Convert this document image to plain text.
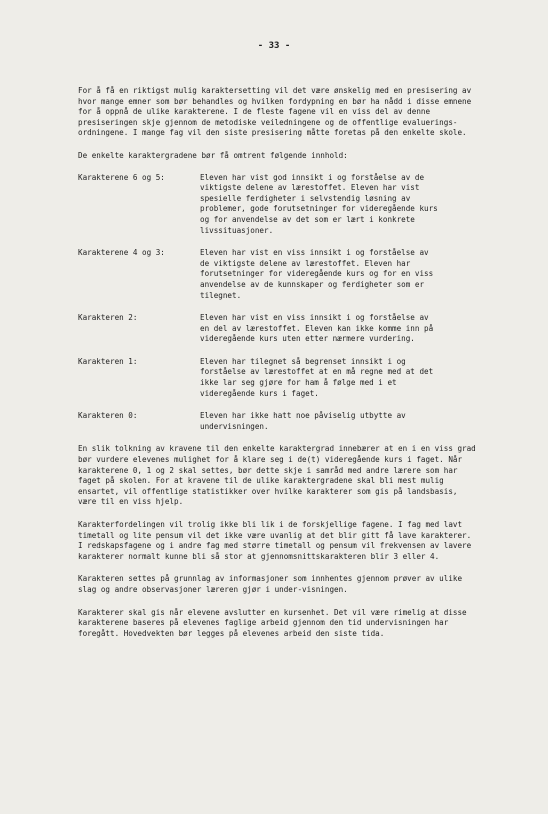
- 33 -

For å få en riktigst mulig karaktersetting vil det være ønskelig med en presisering av hvor mange emner som bør behandles og hvilken fordypning en bør ha nådd i disse emnene for å oppnå de ulike karakterene. I de fleste fagene vil en viss del av denne presiseringen skje gjennom de metodiske veiledningene og de offentlige evaluerings-ordningene. I mange fag vil den siste presisering måtte foretas på den enkelte skole.

De enkelte karaktergradene bør få omtrent følgende innhold:

Karakterene 6 og 5:	Eleven har vist god innsikt i og forståelse av de viktigste delene av lærestoffet. Eleven har vist spesielle ferdigheter i selvstendig løsning av problemer, gode forutsetninger for videregående kurs og for anvendelse av det som er lært i konkrete livssituasjoner.
Karakterene 4 og 3:	Eleven har vist en viss innsikt i og forståelse av de viktigste delene av lærestoffet. Eleven har forutsetninger for videregående kurs og for en viss anvendelse av de kunnskaper og ferdigheter som er tilegnet.
Karakteren 2:	Eleven har vist en viss innsikt i og forståelse av en del av lærestoffet. Eleven kan ikke komme inn på videregående kurs uten etter nærmere vurdering.
Karakteren 1:	Eleven har tilegnet så begrenset innsikt i og forståelse av lærestoffet at en må regne med at det ikke lar seg gjøre for ham å følge med i et videregående kurs i faget.
Karakteren 0:	Eleven har ikke hatt noe påviselig utbytte av undervisningen.

En slik tolkning av kravene til den enkelte karaktergrad innebærer at en i en viss grad bør vurdere elevenes mulighet for å klare seg i de(t) videregående kurs i faget. Når karakterene 0, 1 og 2 skal settes, bør dette skje i samråd med andre lærere som har faget på skolen. For at kravene til de ulike karaktergradene skal bli mest mulig ensartet, vil offentlige statistikker over hvilke karakterer som gis på landsbasis, være til en viss hjelp.

Karakterfordelingen vil trolig ikke bli lik i de forskjellige fagene. I fag med lavt timetall og lite pensum vil det ikke være uvanlig at det blir gitt få lave karakterer. I redskapsfagene og i andre fag med større timetall og pensum vil frekvensen av lavere karakterer normalt kunne bli så stor at gjennomsnittskarakteren blir 3 eller 4.

Karakteren settes på grunnlag av informasjoner som innhentes gjennom prøver av ulike slag og andre observasjoner læreren gjør i under-visningen.

Karakterer skal gis når elevene avslutter en kursenhet. Det vil være rimelig at disse karakterene baseres på elevenes faglige arbeid gjennom den tid undervisningen har foregått. Hovedvekten bør legges på elevenes arbeid den siste tida.
